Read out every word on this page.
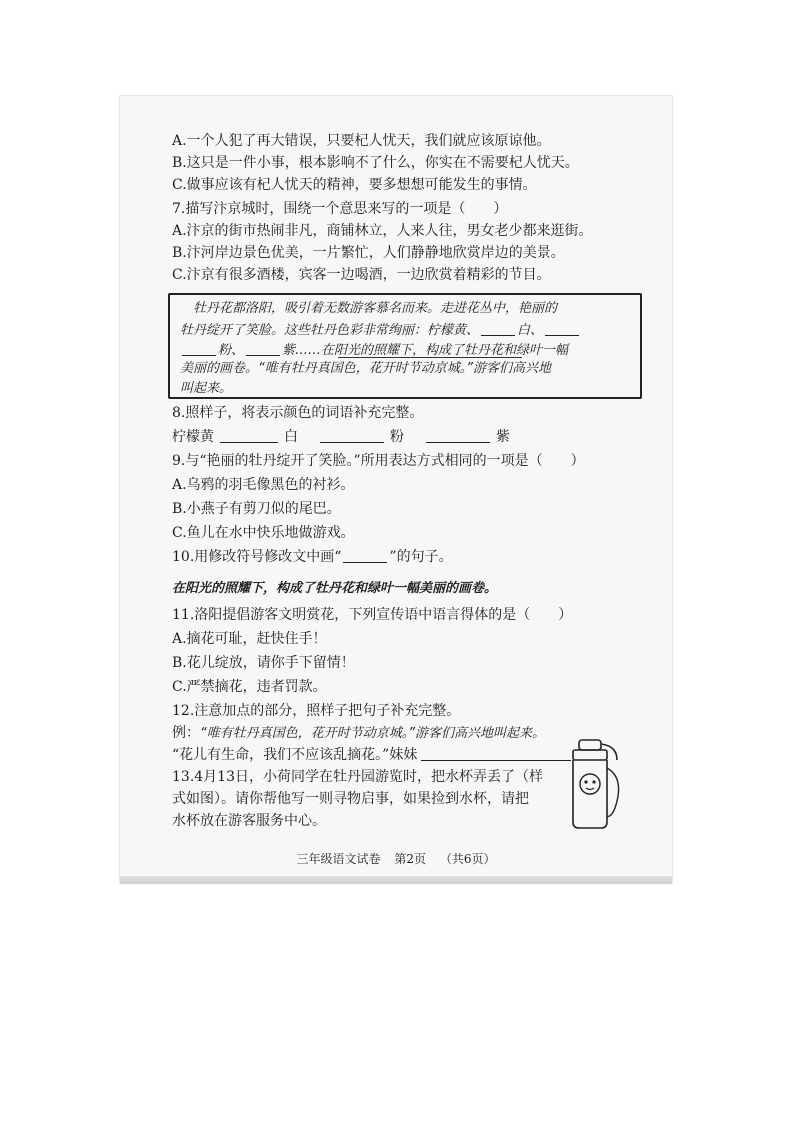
A.一个人犯了再大错误，只要杞人忧天，我们就应该原谅他。
B.这只是一件小事，根本影响不了什么，你实在不需要杞人忧天。
C.做事应该有杞人忧天的精神，要多想想可能发生的事情。
7.描写汴京城时，围绕一个意思来写的一项是（　　）
A.汴京的街市热闹非凡，商铺林立，人来人往，男女老少都来逛街。
B.汴河岸边景色优美，一片繁忙，人们静静地欣赏岸边的美景。
C.汴京有很多酒楼，宾客一边喝酒，一边欣赏着精彩的节目。
　牡丹花都洛阳，吸引着无数游客慕名而来。走进花丛中，艳丽的
牡丹绽开了笑脸。这些牡丹色彩非常绚丽：柠檬黄、	白、
粉、	紫……在阳光的照耀下，构成了牡丹花和绿叶一幅
美丽的画卷。“唯有牡丹真国色，花开时节动京城。”游客们高兴地
叫起来。
8.照样子，将表示颜色的词语补充完整。
柠檬黄	白	粉	紫
9.与“艳丽的牡丹绽开了笑脸。”所用表达方式相同的一项是（　　）
A.乌鸦的羽毛像黑色的衬衫。
B.小燕子有剪刀似的尾巴。
C.鱼儿在水中快乐地做游戏。
10.用修改符号修改文中画“	”的句子。
在阳光的照耀下，构成了牡丹花和绿叶一幅美丽的画卷。
11.洛阳提倡游客文明赏花，下列宣传语中语言得体的是（　　）
A.摘花可耻，赶快住手！
B.花儿绽放，请你手下留情！
C.严禁摘花，违者罚款。
12.注意加点的部分，照样子把句子补充完整。
例：“唯有牡丹真国色，花开时节动京城。”游客们高兴地叫起来。
“花儿有生命，我们不应该乱摘花。”妹妹
13.4月13日，小荷同学在牡丹园游览时，把水杯弄丢了（样
式如图）。请你帮他写一则寻物启事，如果捡到水杯，请把
水杯放在游客服务中心。
三年级语文试卷 第2页 （共6页）
